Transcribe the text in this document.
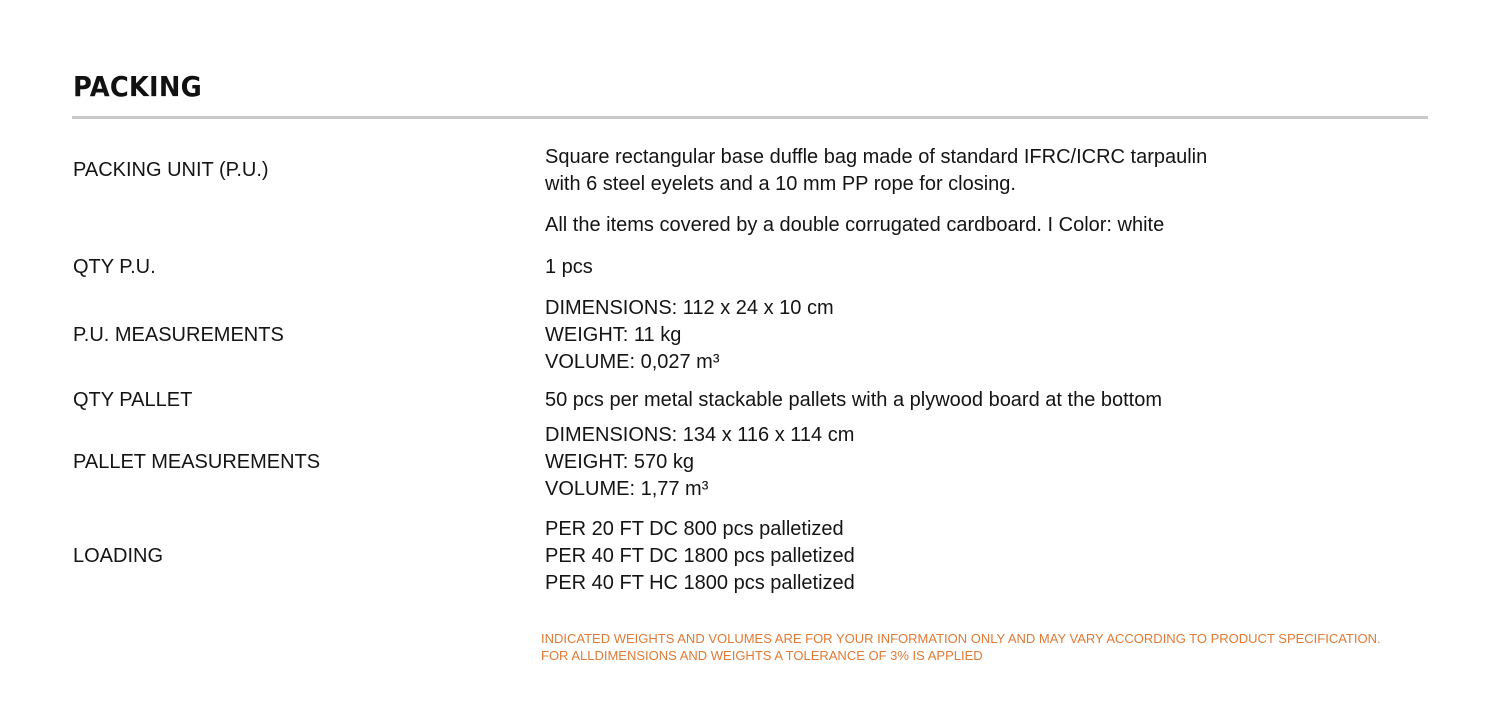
PACKING
PACKING UNIT (P.U.)
Square rectangular base duffle bag made of standard IFRC/ICRC tarpaulin
with 6 steel eyelets and a 10 mm PP rope for closing.
All the items covered by a double corrugated cardboard. I Color: white
QTY P.U.	1 pcs
P.U. MEASUREMENTS
DIMENSIONS: 112 x 24 x 10 cm
WEIGHT: 11 kg
VOLUME: 0,027 m³
QTY PALLET	50 pcs per metal stackable pallets with a plywood board at the bottom
PALLET MEASUREMENTS
DIMENSIONS: 134 x 116 x 114 cm
WEIGHT: 570 kg
VOLUME: 1,77 m³
LOADING
PER 20 FT DC 800 pcs palletized
PER 40 FT DC 1800 pcs palletized
PER 40 FT HC 1800 pcs palletized
INDICATED WEIGHTS AND VOLUMES ARE FOR YOUR INFORMATION ONLY AND MAY VARY ACCORDING TO PRODUCT SPECIFICATION.
FOR ALLDIMENSIONS AND WEIGHTS A TOLERANCE OF 3% IS APPLIED
